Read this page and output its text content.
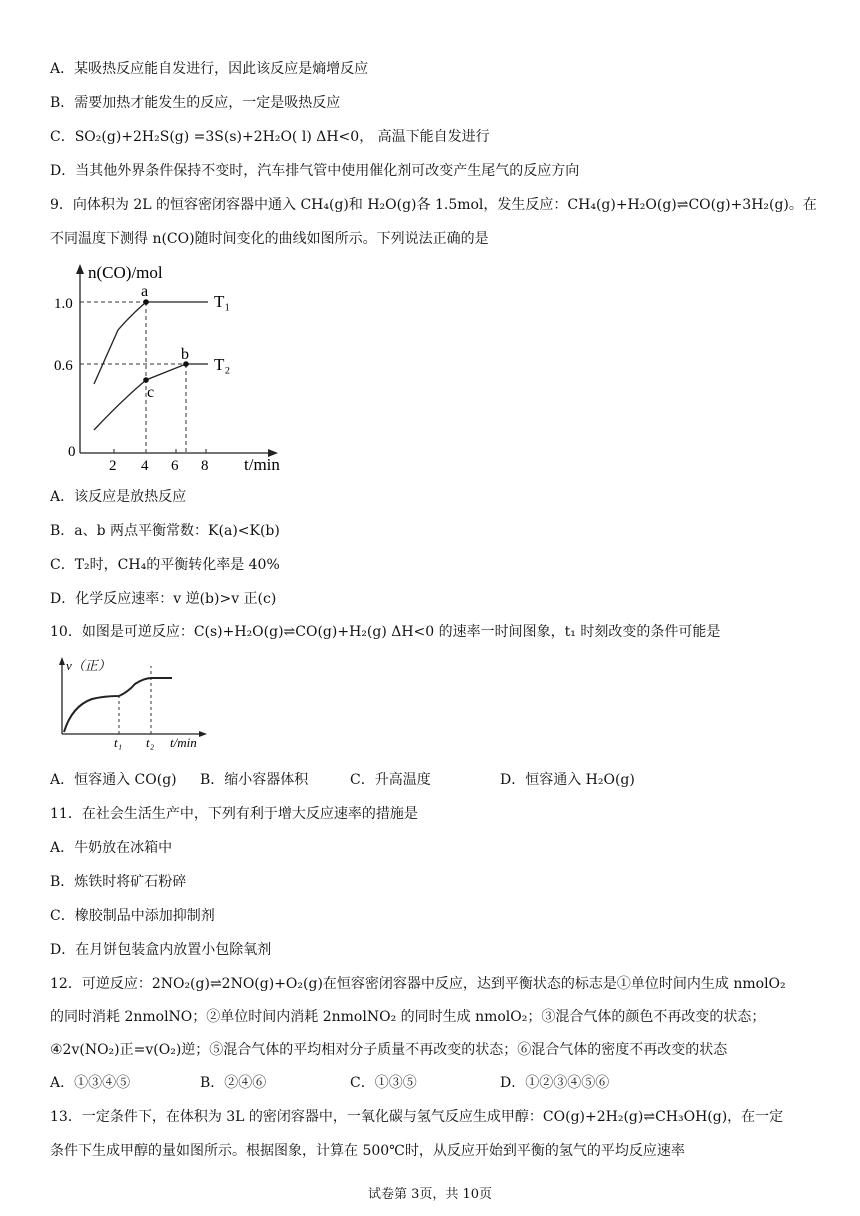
A．某吸热反应能自发进行，因此该反应是熵增反应
B．需要加热才能发生的反应，一定是吸热反应
C．SO₂(g)+2H₂S(g) =3S(s)+2H₂O( l) ΔH<0， 高温下能自发进行
D．当其他外界条件保持不变时，汽车排气管中使用催化剂可改变产生尾气的反应方向
9．向体积为 2L 的恒容密闭容器中通入 CH₄(g)和 H₂O(g)各 1.5mol，发生反应：CH₄(g)+H₂O(g)⇌CO(g)+3H₂(g)。在
不同温度下测得 n(CO)随时间变化的曲线如图所示。下列说法正确的是
n(CO)/mol
1.0
0.6
0
2 4 6 8 t/min
a
b
c
T₁
T₂
A．该反应是放热反应
B．a、b 两点平衡常数：K(a)<K(b)
C．T₂时，CH₄的平衡转化率是 40%
D．化学反应速率：v 逆(b)>v 正(c)
10．如图是可逆反应：C(s)+H₂O(g)⇌CO(g)+H₂(g) ΔH<0 的速率一时间图象，t₁ 时刻改变的条件可能是
v（正）
t₁ t₂ t/min
A．恒容通入 CO(g) B．缩小容器体积	C．升高温度	D．恒容通入 H₂O(g)
11．在社会生活生产中，下列有利于增大反应速率的措施是
A．牛奶放在冰箱中
B．炼铁时将矿石粉碎
C．橡胶制品中添加抑制剂
D．在月饼包装盒内放置小包除氧剂
12．可逆反应：2NO₂(g)⇌2NO(g)+O₂(g)在恒容密闭容器中反应，达到平衡状态的标志是①单位时间内生成 nmolO₂
的同时消耗 2nmolNO；②单位时间内消耗 2nmolNO₂ 的同时生成 nmolO₂；③混合气体的颜色不再改变的状态；
④2v(NO₂)正=v(O₂)逆；⑤混合气体的平均相对分子质量不再改变的状态；⑥混合气体的密度不再改变的状态
A．①③④⑤	B．②④⑥	C．①③⑤	D．①②③④⑤⑥
13．一定条件下，在体积为 3L 的密闭容器中，一氧化碳与氢气反应生成甲醇：CO(g)+2H₂(g)⇌CH₃OH(g)，在一定
条件下生成甲醇的量如图所示。根据图象，计算在 500℃时，从反应开始到平衡的氢气的平均反应速率
试卷第 3页，共 10页
